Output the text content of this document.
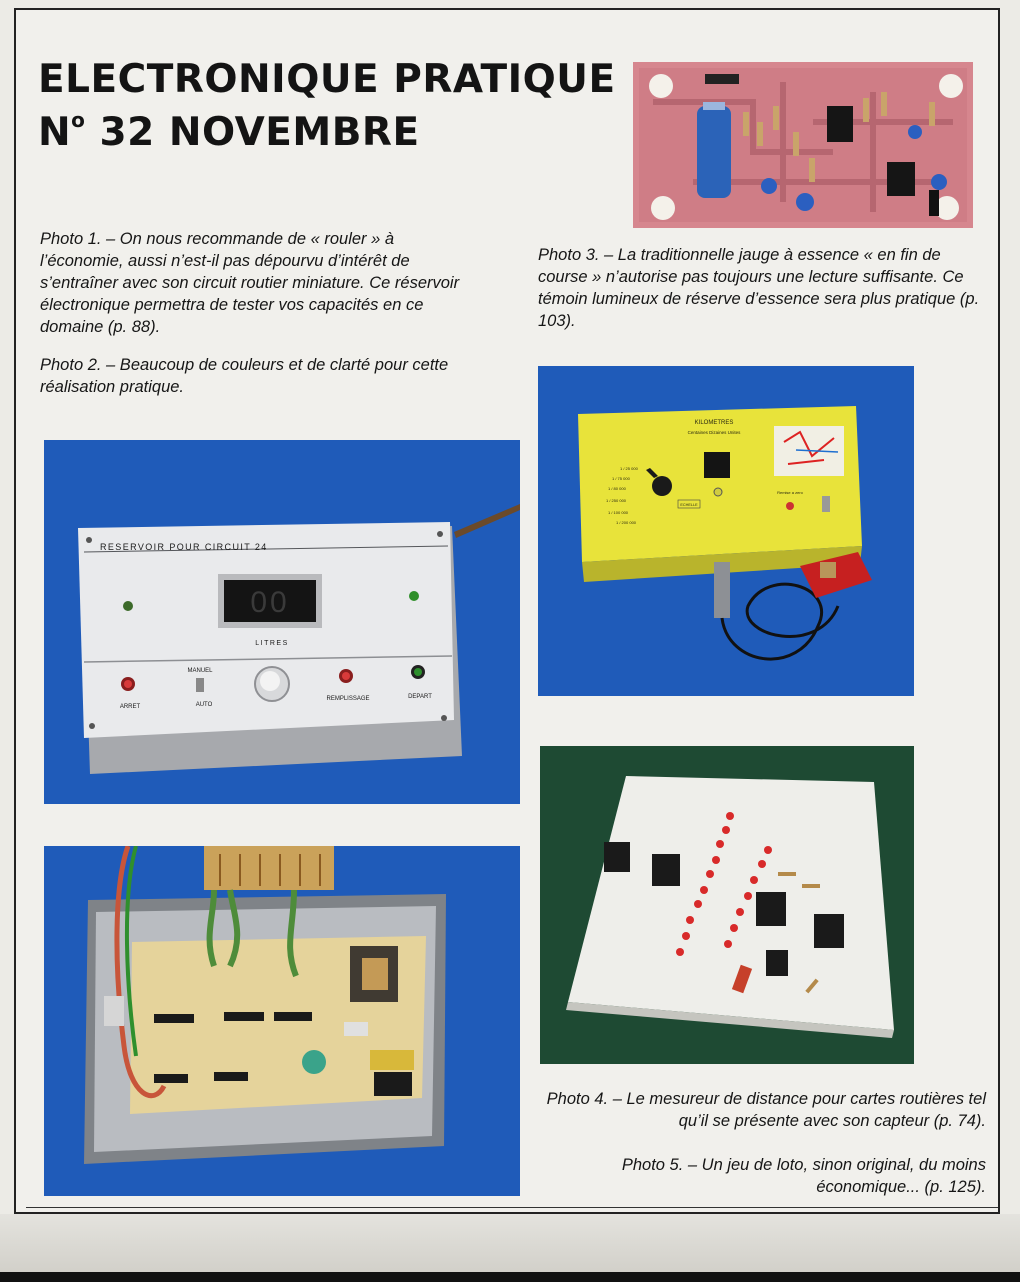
ELECTRONIQUE PRATIQUE
$N^o$ 32 NOVEMBRE

Photo 1. – On nous recommande de « rouler » à l’économie, aussi n’est-il pas dépourvu d’intérêt de s’entraîner avec son circuit routier miniature. Ce réservoir électronique permettra de tester vos capacités en ce domaine (p. 88).

Photo 2. – Beaucoup de couleurs et de clarté pour cette réalisation pratique.

Photo 3. – La traditionnelle jauge à essence « en fin de course » n’autorise pas toujours une lecture suffisante. Ce témoin lumineux de réserve d’essence sera plus pratique (p. 103).

RESERVOIR POUR CIRCUIT 24
00
LITRES
MANUEL
AUTO
ARRET
REMPLISSAGE	DEPART
KILOMETRES
Centaines Dizaines Unites
1 / 25 000
1 / 75 000
1 / 80 000
1 / 250 000
1 / 100 000
1 / 200 000
ECHELLE
Remise a zero

Photo 4. – Le mesureur de distance pour cartes routières tel qu’il se présente avec son capteur (p. 74).

Photo 5. – Un jeu de loto, sinon original, du moins économique... (p. 125).
